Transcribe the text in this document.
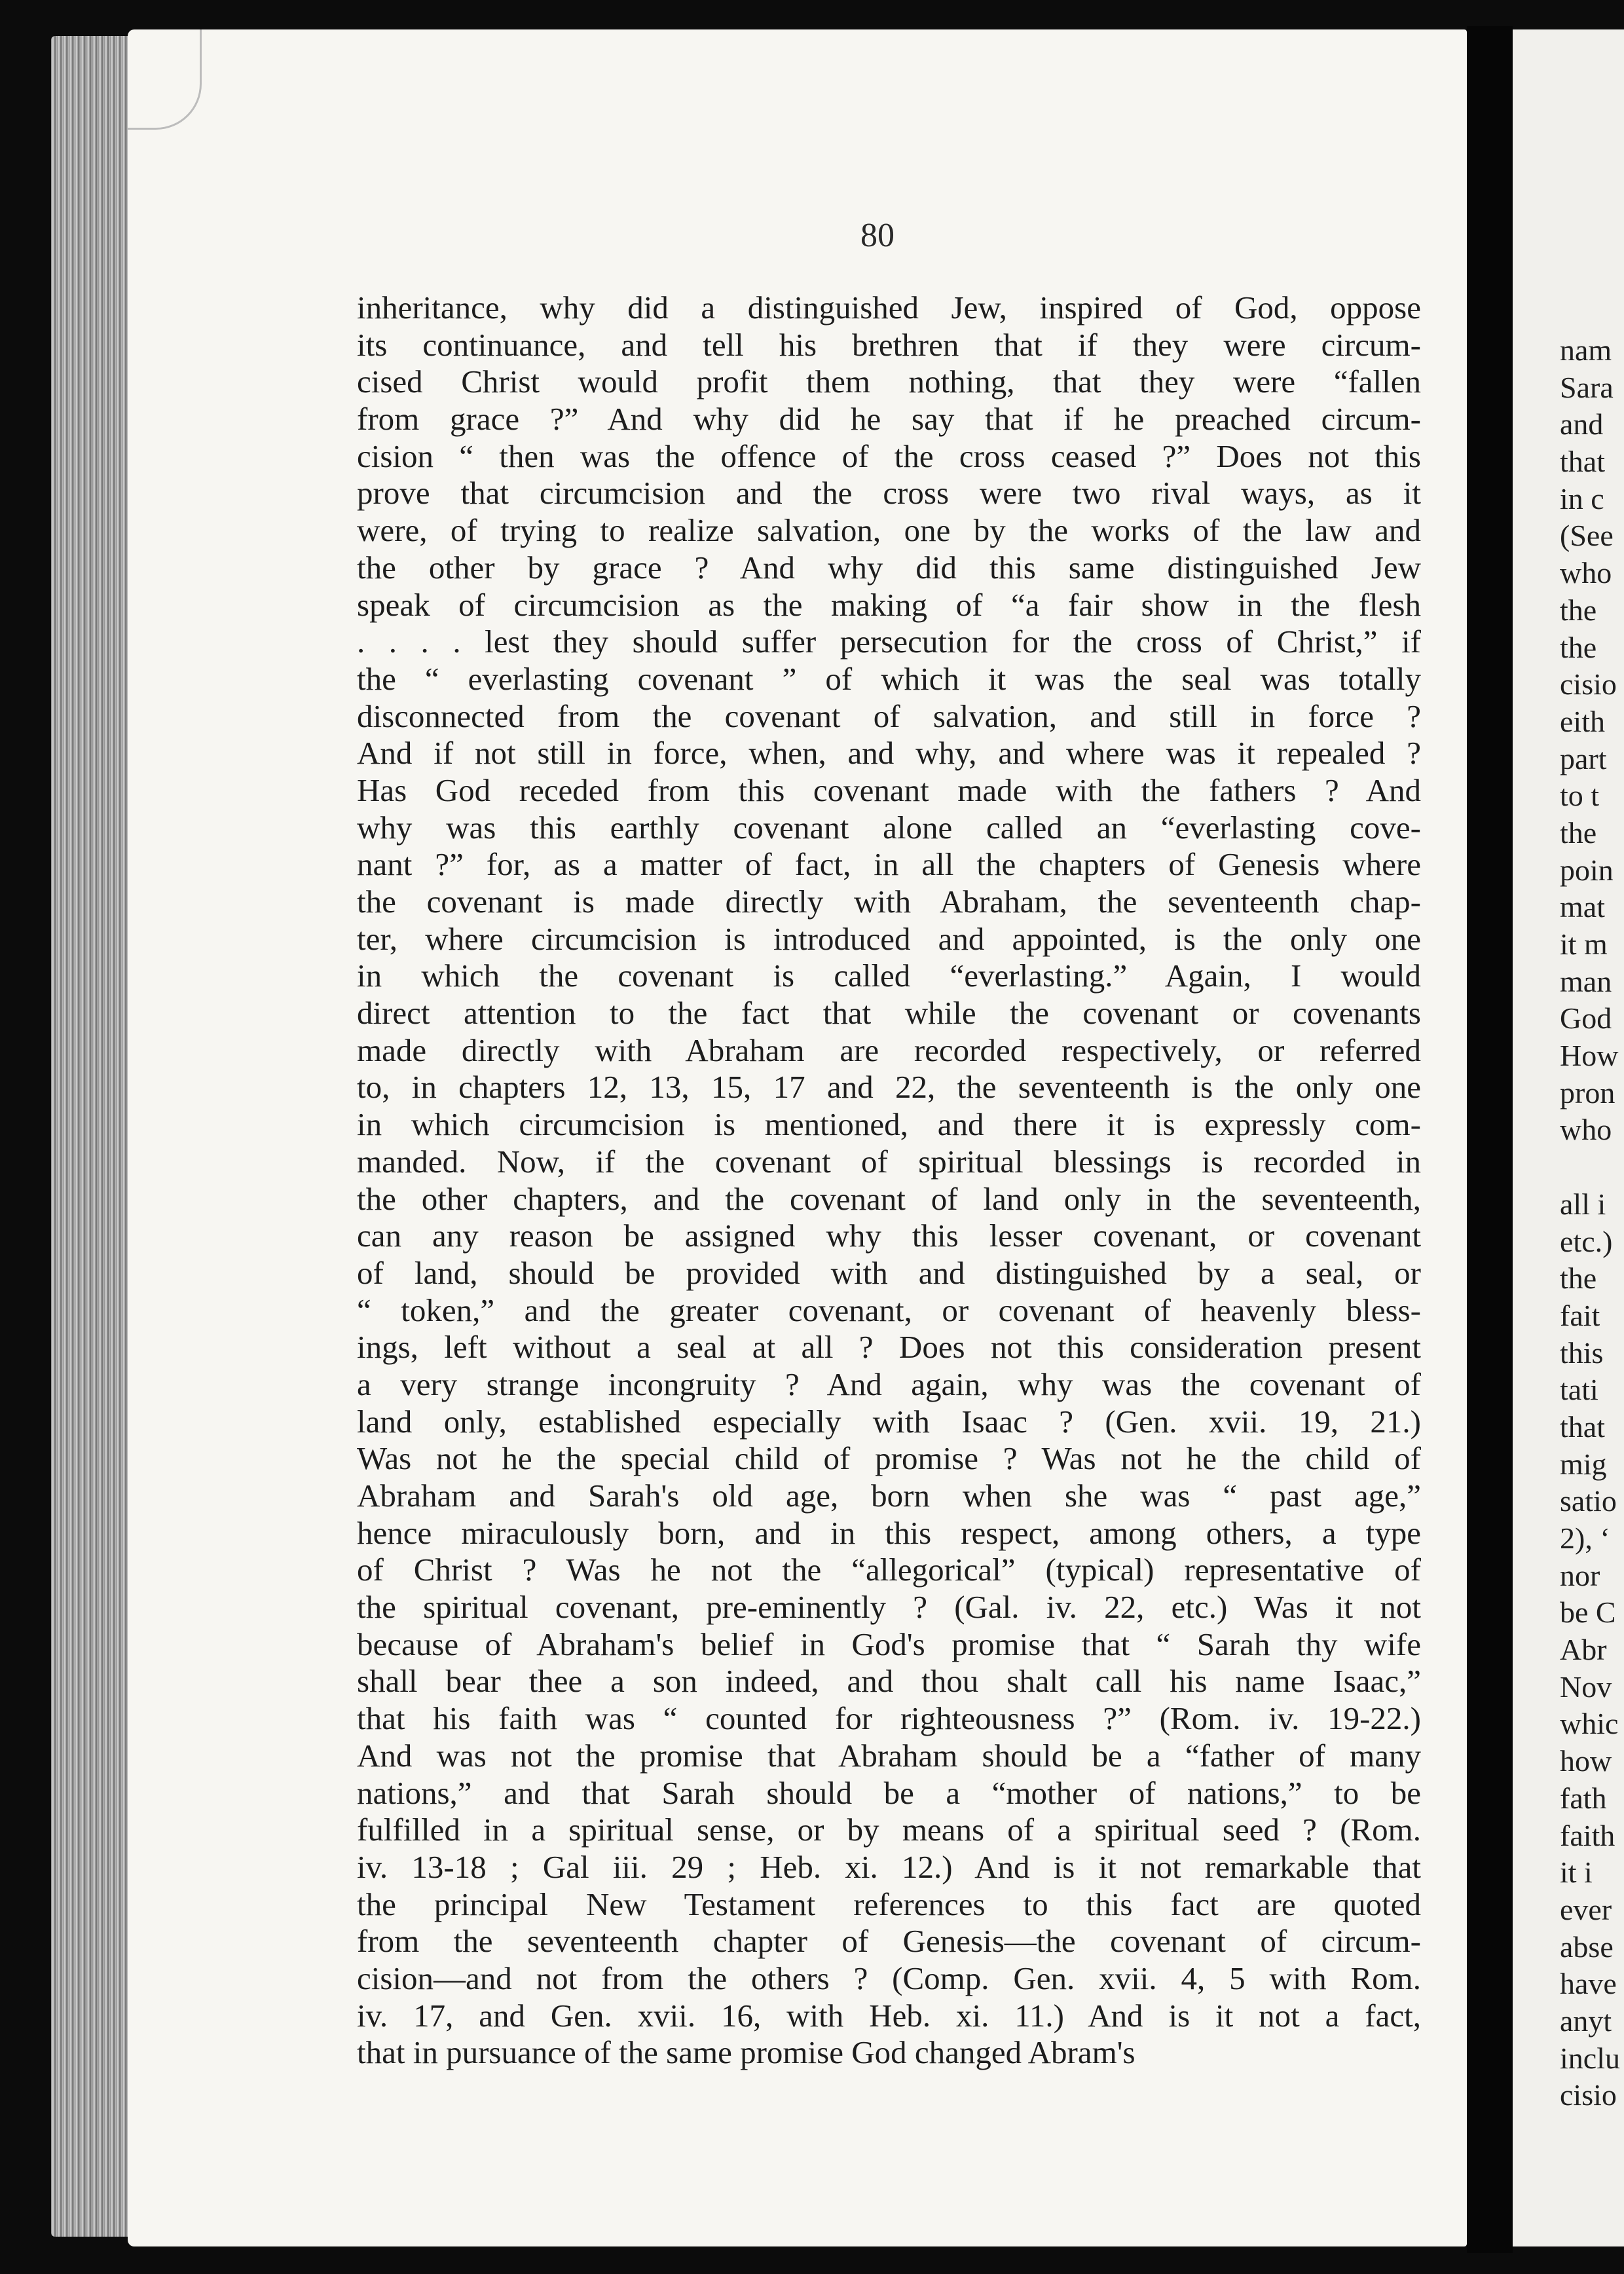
nam
Sara
and
that
in c
(See
who
the
the
cisio
eith
part
to t
the
poin
mat
it m
man
God
How
pron
who
all i
etc.)
the
fait
this
tati
that
mig
satio
2), ‘
nor
be C
Abr
Nov
whic
how
fath
faith
it i
ever
abse
have
anyt
inclu
cisio
80
inheritance, why did a distinguished Jew, inspired of God, oppose
its continuance, and tell his brethren that if they were circum-
cised Christ would profit them nothing, that they were “fallen
from grace ?” And why did he say that if he preached circum-
cision “ then was the offence of the cross ceased ?” Does not this
prove that circumcision and the cross were two rival ways, as it
were, of trying to realize salvation, one by the works of the law and
the other by grace ? And why did this same distinguished Jew
speak of circumcision as the making of “a fair show in the flesh
. . . . lest they should suffer persecution for the cross of Christ,” if
the “ everlasting covenant ” of which it was the seal was totally
disconnected from the covenant of salvation, and still in force ?
And if not still in force, when, and why, and where was it repealed ?
Has God receded from this covenant made with the fathers ? And
why was this earthly covenant alone called an “everlasting cove-
nant ?” for, as a matter of fact, in all the chapters of Genesis where
the covenant is made directly with Abraham, the seventeenth chap-
ter, where circumcision is introduced and appointed, is the only one
in which the covenant is called “everlasting.” Again, I would
direct attention to the fact that while the covenant or covenants
made directly with Abraham are recorded respectively, or referred
to, in chapters 12, 13, 15, 17 and 22, the seventeenth is the only one
in which circumcision is mentioned, and there it is expressly com-
manded. Now, if the covenant of spiritual blessings is recorded in
the other chapters, and the covenant of land only in the seventeenth,
can any reason be assigned why this lesser covenant, or covenant
of land, should be provided with and distinguished by a seal, or
“ token,” and the greater covenant, or covenant of heavenly bless-
ings, left without a seal at all ? Does not this consideration present
a very strange incongruity ? And again, why was the covenant of
land only, established especially with Isaac ? (Gen. xvii. 19, 21.)
Was not he the special child of promise ? Was not he the child of
Abraham and Sarah's old age, born when she was “ past age,”
hence miraculously born, and in this respect, among others, a type
of Christ ? Was he not the “allegorical” (typical) representative of
the spiritual covenant, pre-eminently ? (Gal. iv. 22, etc.) Was it not
because of Abraham's belief in God's promise that “ Sarah thy wife
shall bear thee a son indeed, and thou shalt call his name Isaac,”
that his faith was “ counted for righteousness ?” (Rom. iv. 19-22.)
And was not the promise that Abraham should be a “father of many
nations,” and that Sarah should be a “mother of nations,” to be
fulfilled in a spiritual sense, or by means of a spiritual seed ? (Rom.
iv. 13-18 ; Gal iii. 29 ; Heb. xi. 12.) And is it not remarkable that
the principal New Testament references to this fact are quoted
from the seventeenth chapter of Genesis—the covenant of circum-
cision—and not from the others ? (Comp. Gen. xvii. 4, 5 with Rom.
iv. 17, and Gen. xvii. 16, with Heb. xi. 11.) And is it not a fact,
that in pursuance of the same promise God changed Abram's
